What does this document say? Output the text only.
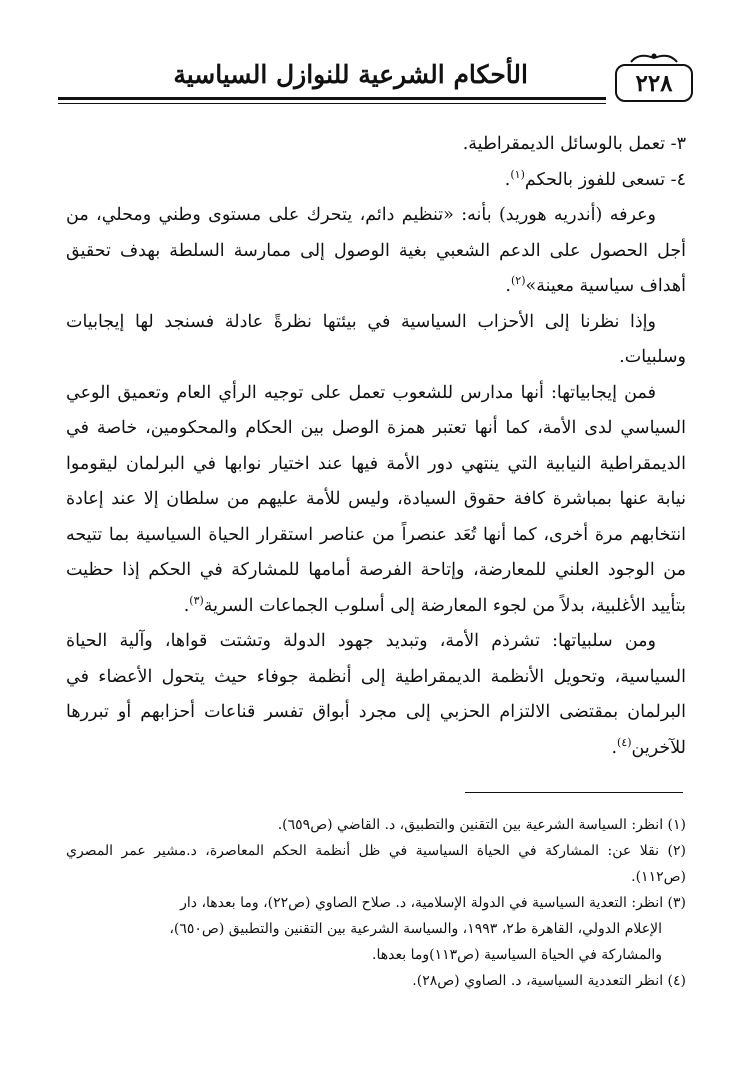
الأحكام الشرعية للنوازل السياسية	٢٢٨

٣- تعمل بالوسائل الديمقراطية.

٤- تسعى للفوز بالحكم$^{(١)}$.

وعرفه (أندريه هوريد) بأنه: «تنظيم دائم، يتحرك على مستوى وطني ومحلي، من أجل الحصول على الدعم الشعبي بغية الوصول إلى ممارسة السلطة بهدف تحقيق أهداف سياسية معينة»$^{(٢)}$.

وإذا نظرنا إلى الأحزاب السياسية في بيئتها نظرةً عادلة فسنجد لها إيجابيات وسلبيات.

فمن إيجابياتها: أنها مدارس للشعوب تعمل على توجيه الرأي العام وتعميق الوعي السياسي لدى الأمة، كما أنها تعتبر همزة الوصل بين الحكام والمحكومين، خاصة في الديمقراطية النيابية التي ينتهي دور الأمة فيها عند اختيار نوابها في البرلمان ليقوموا نيابة عنها بمباشرة كافة حقوق السيادة، وليس للأمة عليهم من سلطان إلا عند إعادة انتخابهم مرة أخرى، كما أنها تُعَد عنصراً من عناصر استقرار الحياة السياسية بما تتيحه من الوجود العلني للمعارضة، وإتاحة الفرصة أمامها للمشاركة في الحكم إذا حظيت بتأييد الأغلبية، بدلاً من لجوء المعارضة إلى أسلوب الجماعات السرية$^{(٣)}$.

ومن سلبياتها: تشرذم الأمة، وتبديد جهود الدولة وتشتت قواها، وآلية الحياة السياسية، وتحويل الأنظمة الديمقراطية إلى أنظمة جوفاء حيث يتحول الأعضاء في البرلمان بمقتضى الالتزام الحزبي إلى مجرد أبواق تفسر قناعات أحزابهم أو تبررها للآخرين$^{(٤)}$.

(١) انظر: السياسة الشرعية بين التقنين والتطبيق، د. القاضي (ص٦٥٩).

(٢) نقلا عن: المشاركة في الحياة السياسية في ظل أنظمة الحكم المعاصرة، د.مشير عمر المصري (ص١١٢).

(٣) انظر: التعدية السياسية في الدولة الإسلامية، د. صلاح الصاوي (ص٢٢)، وما بعدها، دار

الإعلام الدولي، القاهرة ط٢، ١٩٩٣، والسياسة الشرعية بين التقنين والتطبيق (ص٦٥٠)،

والمشاركة في الحياة السياسية (ص١١٣)وما بعدها.

(٤) انظر التعددية السياسية، د. الصاوي (ص٢٨).
